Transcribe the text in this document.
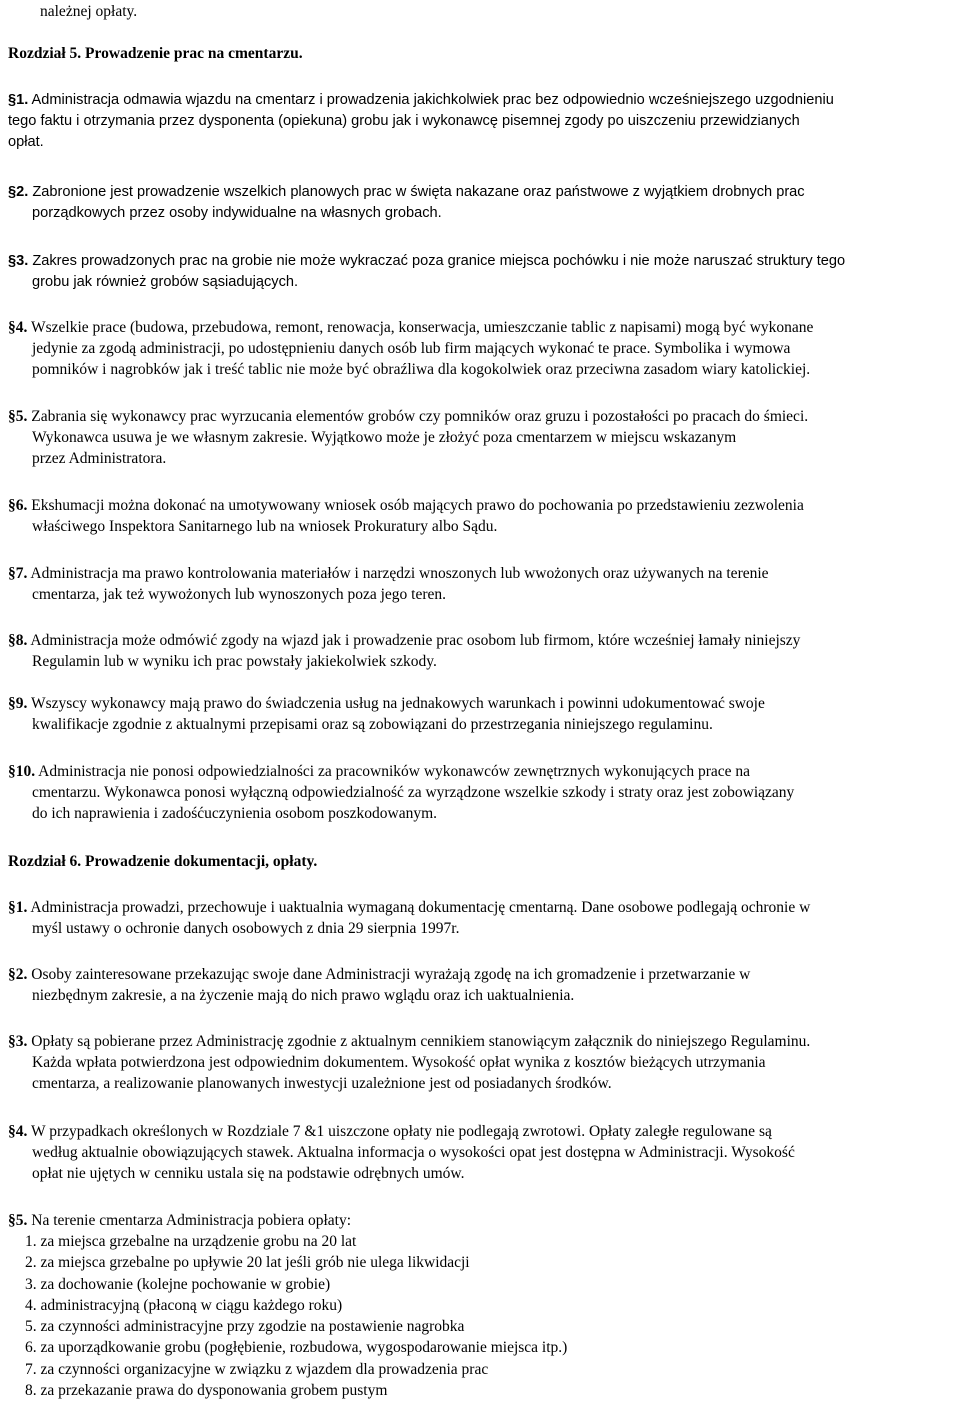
należnej opłaty.
Rozdział 5. Prowadzenie prac na cmentarzu.
§1. Administracja odmawia wjazdu na cmentarz i prowadzenia jakichkolwiek prac bez odpowiednio wcześniejszego uzgodnieniu
tego faktu i otrzymania przez dysponenta (opiekuna) grobu jak i wykonawcę pisemnej zgody po uiszczeniu przewidzianych
opłat.
§2. Zabronione jest prowadzenie wszelkich planowych prac w święta nakazane oraz państwowe z wyjątkiem drobnych prac
porządkowych przez osoby indywidualne na własnych grobach.
§3. Zakres prowadzonych prac na grobie nie może wykraczać poza granice miejsca pochówku i nie może naruszać struktury tego
grobu jak również grobów sąsiadujących.
§4. Wszelkie prace (budowa, przebudowa, remont, renowacja, konserwacja, umieszczanie tablic z napisami) mogą być wykonane
jedynie za zgodą administracji, po udostępnieniu danych osób lub firm mających wykonać te prace. Symbolika i wymowa
pomników i nagrobków jak i treść tablic nie może być obraźliwa dla kogokolwiek oraz przeciwna zasadom wiary katolickiej.
§5. Zabrania się wykonawcy prac wyrzucania elementów grobów czy pomników oraz gruzu i pozostałości po pracach do śmieci.
Wykonawca usuwa je we własnym zakresie. Wyjątkowo może je złożyć poza cmentarzem w miejscu wskazanym
przez Administratora.
§6. Ekshumacji można dokonać na umotywowany wniosek osób mających prawo do pochowania po przedstawieniu zezwolenia
właściwego Inspektora Sanitarnego lub na wniosek Prokuratury albo Sądu.
§7. Administracja ma prawo kontrolowania materiałów i narzędzi wnoszonych lub wwożonych oraz używanych na terenie
cmentarza, jak też wywożonych lub wynoszonych poza jego teren.
§8. Administracja może odmówić zgody na wjazd jak i prowadzenie prac osobom lub firmom, które wcześniej łamały niniejszy
Regulamin lub w wyniku ich prac powstały jakiekolwiek szkody.
§9. Wszyscy wykonawcy mają prawo do świadczenia usług na jednakowych warunkach i powinni udokumentować swoje
kwalifikacje zgodnie z aktualnymi przepisami oraz są zobowiązani do przestrzegania niniejszego regulaminu.
§10. Administracja nie ponosi odpowiedzialności za pracowników wykonawców zewnętrznych wykonujących prace na
cmentarzu. Wykonawca ponosi wyłączną odpowiedzialność za wyrządzone wszelkie szkody i straty oraz jest zobowiązany
do ich naprawienia i zadośćuczynienia osobom poszkodowanym.
Rozdział 6. Prowadzenie dokumentacji, opłaty.
§1. Administracja prowadzi, przechowuje i uaktualnia wymaganą dokumentację cmentarną. Dane osobowe podlegają ochronie w
myśl ustawy o ochronie danych osobowych z dnia 29 sierpnia 1997r.
§2. Osoby zainteresowane przekazując swoje dane Administracji wyrażają zgodę na ich gromadzenie i przetwarzanie w
niezbędnym zakresie, a na życzenie mają do nich prawo wglądu oraz ich uaktualnienia.
§3. Opłaty są pobierane przez Administrację zgodnie z aktualnym cennikiem stanowiącym załącznik do niniejszego Regulaminu.
Każda wpłata potwierdzona jest odpowiednim dokumentem. Wysokość opłat wynika z kosztów bieżących utrzymania
cmentarza, a realizowanie planowanych inwestycji uzależnione jest od posiadanych środków.
§4. W przypadkach określonych w Rozdziale 7 &1 uiszczone opłaty nie podlegają zwrotowi. Opłaty zaległe regulowane są
według aktualnie obowiązujących stawek. Aktualna informacja o wysokości opat jest dostępna w Administracji. Wysokość
opłat nie ujętych w cenniku ustala się na podstawie odrębnych umów.
§5. Na terenie cmentarza Administracja pobiera opłaty:
1. za miejsca grzebalne na urządzenie grobu na 20 lat
2. za miejsca grzebalne po upływie 20 lat jeśli grób nie ulega likwidacji
3. za dochowanie (kolejne pochowanie w grobie)
4. administracyjną (płaconą w ciągu każdego roku)
5. za czynności administracyjne przy zgodzie na postawienie nagrobka
6. za uporządkowanie grobu (pogłębienie, rozbudowa, wygospodarowanie miejsca itp.)
7. za czynności organizacyjne w związku z wjazdem dla prowadzenia prac
8. za przekazanie prawa do dysponowania grobem pustym
